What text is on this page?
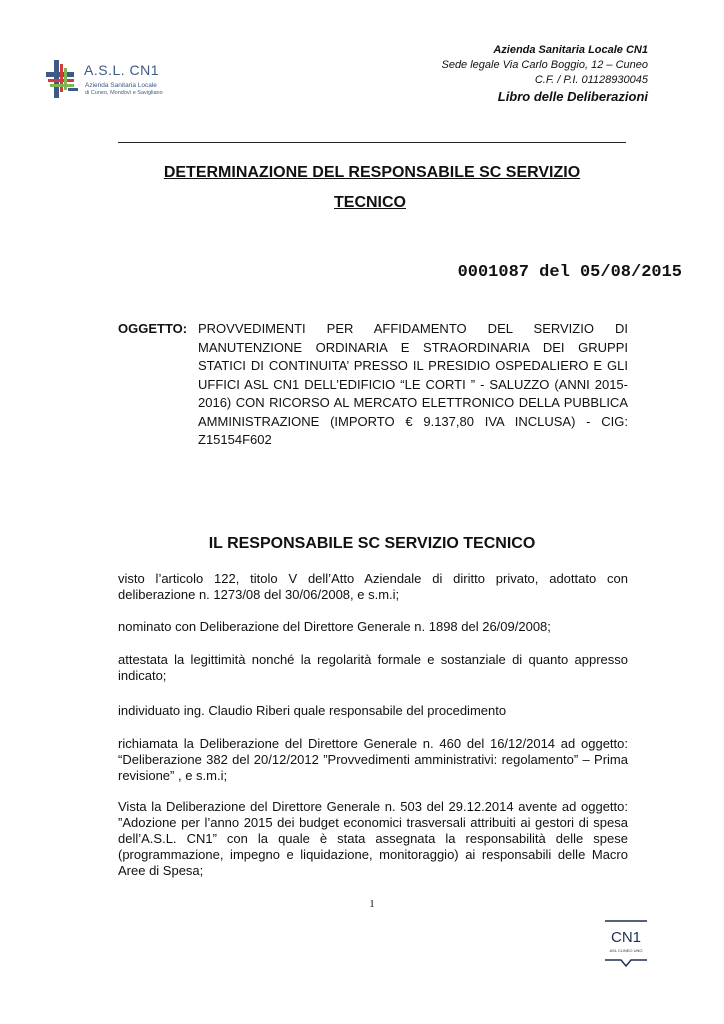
A.S.L. CN1
Azienda Sanitaria Locale
di Cuneo, Mondovì e Savigliano
Azienda Sanitaria Locale CN1
Sede legale Via Carlo Boggio, 12 – Cuneo
C.F. / P.I. 01128930045
Libro delle Deliberazioni
DETERMINAZIONE DEL RESPONSABILE SC SERVIZIO
TECNICO
0001087 del 05/08/2015
OGGETTO: PROVVEDIMENTI PER AFFIDAMENTO DEL SERVIZIO DI MANUTENZIONE ORDINARIA E STRAORDINARIA DEI GRUPPI STATICI DI CONTINUITA’ PRESSO IL PRESIDIO OSPEDALIERO E GLI UFFICI ASL CN1 DELL’EDIFICIO “LE CORTI ” - SALUZZO (ANNI 2015-2016) CON RICORSO AL MERCATO ELETTRONICO DELLA PUBBLICA AMMINISTRAZIONE (IMPORTO € 9.137,80 IVA INCLUSA) - CIG: Z15154F602
IL RESPONSABILE SC SERVIZIO TECNICO
visto l’articolo 122, titolo V dell’Atto Aziendale di diritto privato, adottato con deliberazione n. 1273/08 del 30/06/2008, e s.m.i;
nominato con Deliberazione del Direttore Generale n. 1898 del 26/09/2008;
attestata la legittimità nonché la regolarità formale e sostanziale di quanto appresso indicato;
individuato ing. Claudio Riberi quale responsabile del procedimento
richiamata la Deliberazione del Direttore Generale n. 460 del 16/12/2014 ad oggetto: “Deliberazione 382 del 20/12/2012 ”Provvedimenti amministrativi: regolamento” – Prima revisione” , e s.m.i;
Vista la Deliberazione del Direttore Generale n. 503 del 29.12.2014 avente ad oggetto: ”Adozione per l’anno 2015 dei budget economici trasversali attribuiti ai gestori di spesa dell’A.S.L. CN1” con la quale è stata assegnata la responsabilità delle spese (programmazione, impegno e liquidazione, monitoraggio) ai responsabili delle Macro Aree di Spesa;
1
CN1
ASL CUNEO UNO
